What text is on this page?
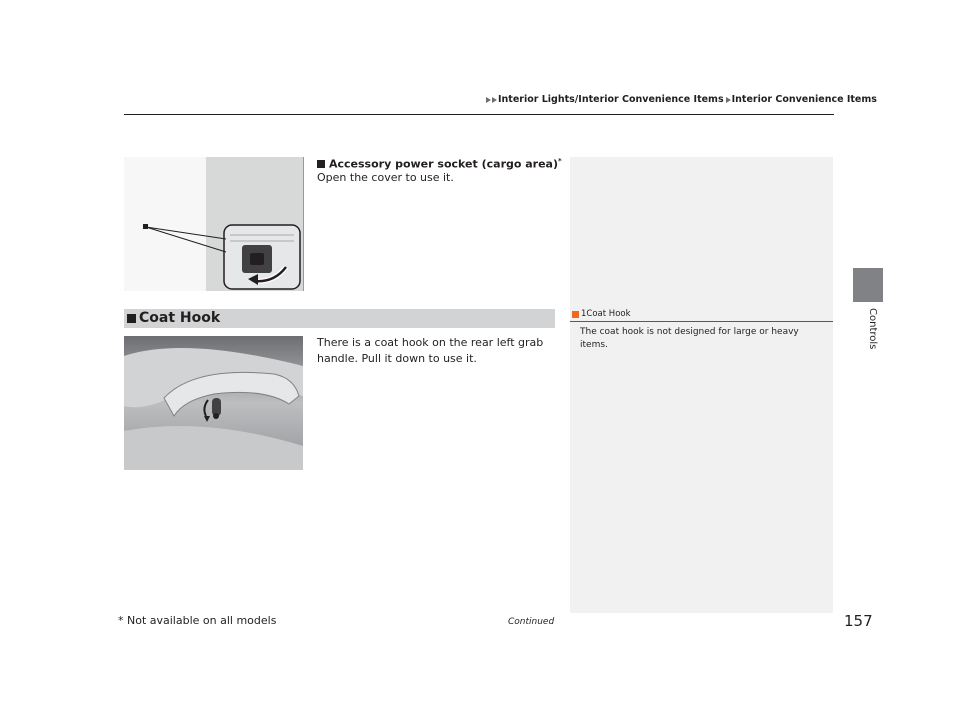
Interior Lights/Interior Convenience Items Interior Convenience Items
Controls
Accessory power socket (cargo area)*
Open the cover to use it.
Coat Hook
There is a coat hook on the rear left grab handle. Pull it down to use it.
1 Coat Hook
The coat hook is not designed for large or heavy items.
* Not available on all models	Continued	157
